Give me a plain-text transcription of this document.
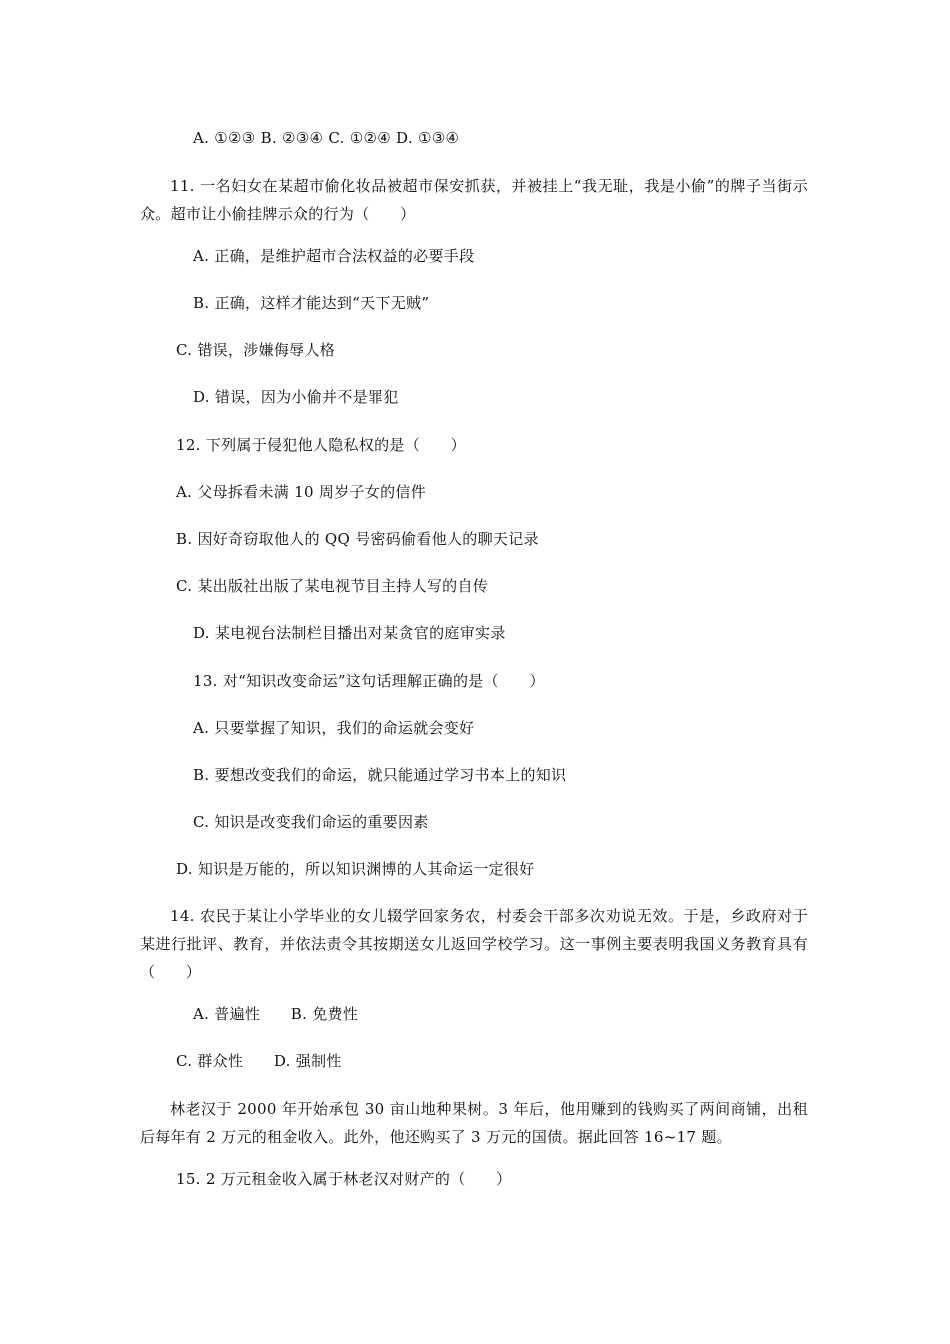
A. ①②③ B. ②③④ C. ①②④ D. ①③④
11. 一名妇女在某超市偷化妆品被超市保安抓获，并被挂上“我无耻，我是小偷”的牌子当街示众。超市让小偷挂牌示众的行为（　　）
A. 正确，是维护超市合法权益的必要手段
B. 正确，这样才能达到“天下无贼”
C. 错误，涉嫌侮辱人格
D. 错误，因为小偷并不是罪犯
12. 下列属于侵犯他人隐私权的是（　　）
A. 父母拆看未满 10 周岁子女的信件
B. 因好奇窃取他人的 QQ 号密码偷看他人的聊天记录
C. 某出版社出版了某电视节目主持人写的自传
D. 某电视台法制栏目播出对某贪官的庭审实录
13. 对“知识改变命运”这句话理解正确的是（　　）
A. 只要掌握了知识，我们的命运就会变好
B. 要想改变我们的命运，就只能通过学习书本上的知识
C. 知识是改变我们命运的重要因素
D. 知识是万能的，所以知识渊博的人其命运一定很好
14. 农民于某让小学毕业的女儿辍学回家务农，村委会干部多次劝说无效。于是，乡政府对于某进行批评、教育，并依法责令其按期送女儿返回学校学习。这一事例主要表明我国义务教育具有（　　）
A. 普遍性　　B. 免费性
C. 群众性　　D. 强制性
林老汉于 2000 年开始承包 30 亩山地种果树。3 年后，他用赚到的钱购买了两间商铺，出租后每年有 2 万元的租金收入。此外，他还购买了 3 万元的国债。据此回答 16~17 题。
15. 2 万元租金收入属于林老汉对财产的（　　）
